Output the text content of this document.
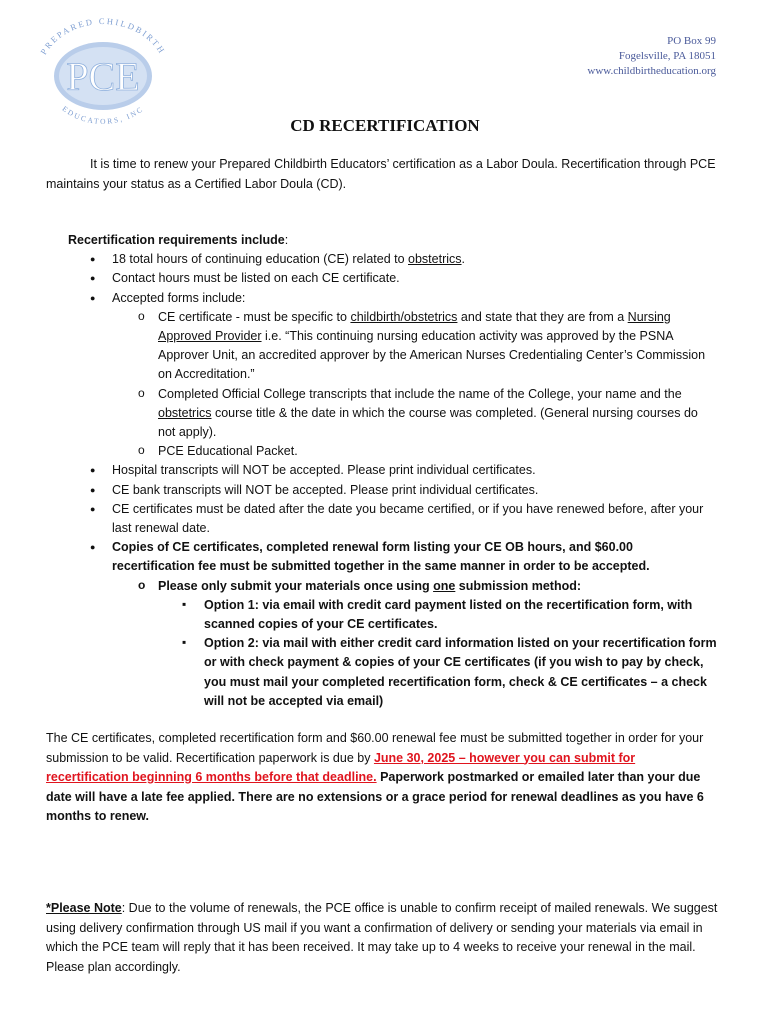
PREPARED CHILDBIRTH
PCE
EDUCATORS, INC
PO Box 99
Fogelsville, PA 18051
www.childbirtheducation.org
CD RECERTIFICATION
It is time to renew your Prepared Childbirth Educators’ certification as a Labor Doula. Recertification through PCE maintains your status as a Certified Labor Doula (CD).
Recertification requirements include:
● 18 total hours of continuing education (CE) related to obstetrics.
● Contact hours must be listed on each CE certificate.
● Accepted forms include:
o CE certificate - must be specific to childbirth/obstetrics and state that they are from a Nursing Approved Provider i.e. “This continuing nursing education activity was approved by the PSNA Approver Unit, an accredited approver by the American Nurses Credentialing Center’s Commission on Accreditation.”
o Completed Official College transcripts that include the name of the College, your name and the obstetrics course title & the date in which the course was completed. (General nursing courses do not apply).
o PCE Educational Packet.
● Hospital transcripts will NOT be accepted. Please print individual certificates.
● CE bank transcripts will NOT be accepted. Please print individual certificates.
● CE certificates must be dated after the date you became certified, or if you have renewed before, after your last renewal date.
● Copies of CE certificates, completed renewal form listing your CE OB hours, and $60.00 recertification fee must be submitted together in the same manner in order to be accepted.
o Please only submit your materials once using one submission method:
▪ Option 1: via email with credit card payment listed on the recertification form, with scanned copies of your CE certificates.
▪ Option 2: via mail with either credit card information listed on your recertification form or with check payment & copies of your CE certificates (if you wish to pay by check, you must mail your completed recertification form, check & CE certificates – a check will not be accepted via email)
The CE certificates, completed recertification form and $60.00 renewal fee must be submitted together in order for your submission to be valid. Recertification paperwork is due by June 30, 2025 – however you can submit for recertification beginning 6 months before that deadline. Paperwork postmarked or emailed later than your due date will have a late fee applied. There are no extensions or a grace period for renewal deadlines as you have 6 months to renew.
*Please Note: Due to the volume of renewals, the PCE office is unable to confirm receipt of mailed renewals. We suggest using delivery confirmation through US mail if you want a confirmation of delivery or sending your materials via email in which the PCE team will reply that it has been received. It may take up to 4 weeks to receive your renewal in the mail. Please plan accordingly.
